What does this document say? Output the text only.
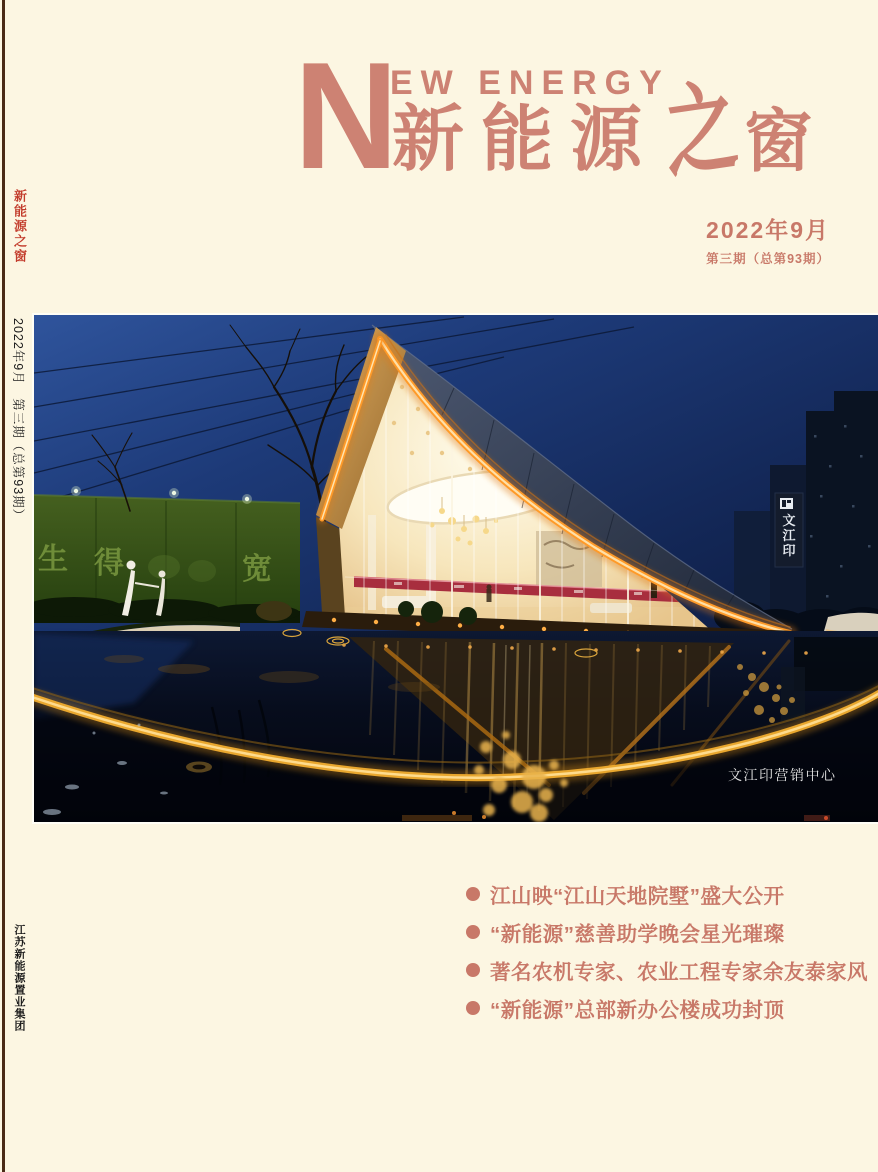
新能源之窗
2022年9月　第三期（总第93期）
江苏新能源置业集团
N
EW ENERGY
新能源 之 窗
2022年9月
第三期（总第93期）
文
江
印
生 得	宽
文江印营销中心
江山映“江山天地院墅”盛大公开
“新能源”慈善助学晚会星光璀璨
著名农机专家、农业工程专家余友泰家风
“新能源”总部新办公楼成功封顶
